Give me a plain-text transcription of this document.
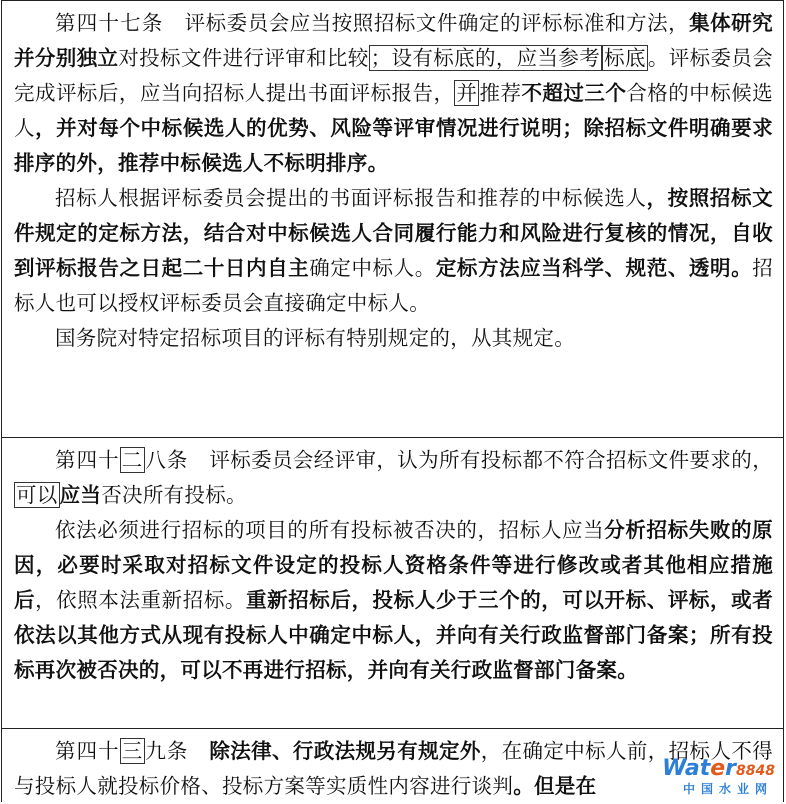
第四十七条　 评标委员会应当按照招标文件确定的评标标准和方法，集体研究并分别独立对投标文件进行评审和比较；设有标底的，应当参考 标底。评标委员会完成评标后，应当向招标人提出书面评标报告，并推荐不超过三个合格的中标候选人，并对每个中标候选人的优势、风险等评审情况进行说明；除招标文件明确要求排序的外，推荐中标候选人不标明排序。

招标人根据评标委员会提出的书面评标报告和推荐的中标候选人，按照招标文件规定的定标方法，结合对中标候选人合同履行能力和风险进行复核的情况，自收到评标报告之日起二十日内自主确定中标人。定标方法应当科学、规范、透明。招标人也可以授权评标委员会直接确定中标人。

国务院对特定招标项目的评标有特别规定的，从其规定。

第四十二八条　 评标委员会经评审，认为所有投标都不符合招标文件要求的，可以应当否决所有投标。

依法必须进行招标的项目的所有投标被否决的，招标人应当分析招标失败的原因，必要时采取对招标文件设定的投标人资格条件等进行修改或者其他相应措施后，依照本法重新招标。重新招标后，投标人少于三个的，可以开标、评标，或者依法以其他方式从现有投标人中确定中标人，并向有关行政监督部门备案；所有投标再次被否决的，可以不再进行招标，并向有关行政监督部门备案。

第四十三九条　 除法律、行政法规另有规定外，在确定中标人前，招标人不得与投标人就投标价格、投标方案等实质性内容进行谈判。但是在

Water8848
中国水业网
